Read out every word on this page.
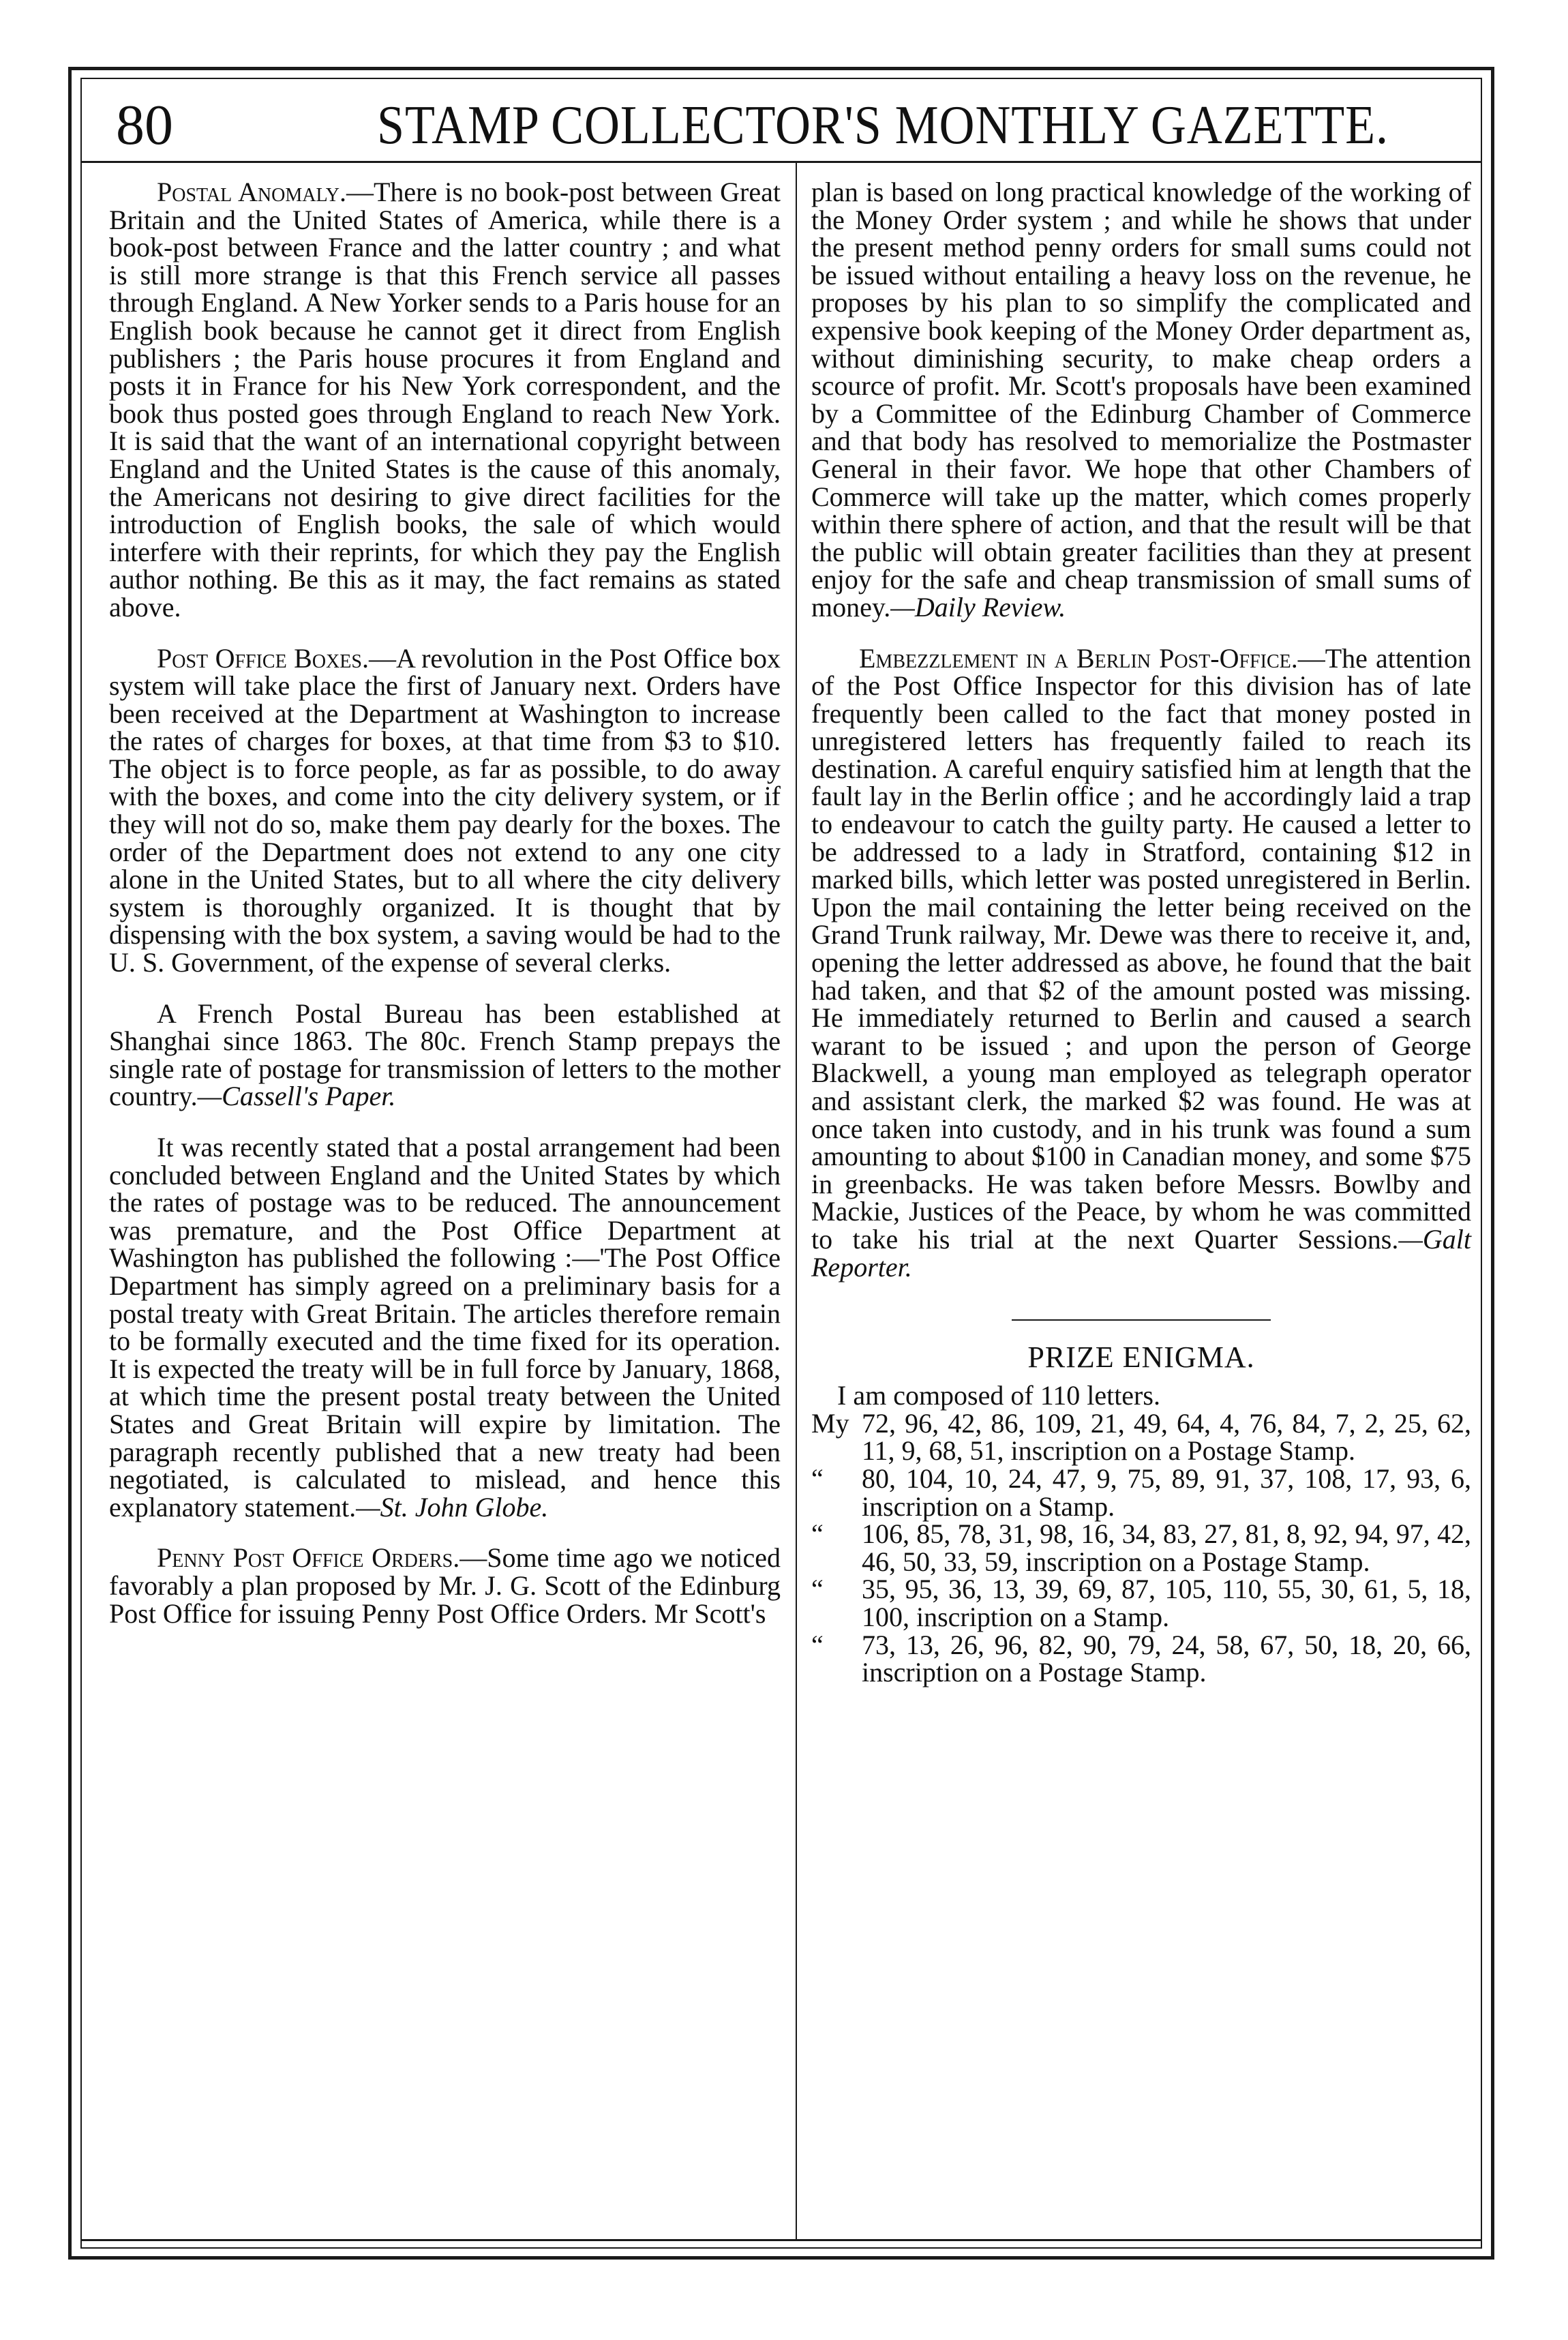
80	STAMP COLLECTOR'S MONTHLY GAZETTE.

Postal Anomaly.—There is no book-post between Great Britain and the United States of America, while there is a book-post between France and the latter country ; and what is still more strange is that this French service all passes through England. A New Yorker sends to a Paris house for an English book because he cannot get it direct from English publishers ; the Paris house procures it from England and posts it in France for his New York correspondent, and the book thus posted goes through England to reach New York. It is said that the want of an international copyright between England and the United States is the cause of this anomaly, the Americans not desiring to give direct facilities for the introduction of English books, the sale of which would interfere with their reprints, for which they pay the English author nothing. Be this as it may, the fact remains as stated above.

Post Office Boxes.—A revolution in the Post Office box system will take place the first of January next. Orders have been received at the Department at Washington to increase the rates of charges for boxes, at that time from $3 to $10. The object is to force people, as far as possible, to do away with the boxes, and come into the city delivery system, or if they will not do so, make them pay dearly for the boxes. The order of the Department does not extend to any one city alone in the United States, but to all where the city delivery system is thoroughly organized. It is thought that by dispensing with the box system, a saving would be had to the U. S. Government, of the expense of several clerks.

A French Postal Bureau has been established at Shanghai since 1863. The 80c. French Stamp prepays the single rate of postage for transmission of letters to the mother country.—Cassell's Paper.

It was recently stated that a postal arrangement had been concluded between England and the United States by which the rates of postage was to be reduced. The announcement was premature, and the Post Office Department at Washington has published the following :—'The Post Office Department has simply agreed on a preliminary basis for a postal treaty with Great Britain. The articles therefore remain to be formally executed and the time fixed for its operation. It is expected the treaty will be in full force by January, 1868, at which time the present postal treaty between the United States and Great Britain will expire by limitation. The paragraph recently published that a new treaty had been negotiated, is calculated to mislead, and hence this explanatory statement.—St. John Globe.

Penny Post Office Orders.—Some time ago we noticed favorably a plan proposed by Mr. J. G. Scott of the Edinburg Post Office for issuing Penny Post Office Orders. Mr Scott's

plan is based on long practical knowledge of the working of the Money Order system ; and while he shows that under the present method penny orders for small sums could not be issued without entailing a heavy loss on the revenue, he proposes by his plan to so simplify the complicated and expensive book keeping of the Money Order department as, without diminishing security, to make cheap orders a scource of profit. Mr. Scott's proposals have been examined by a Committee of the Edinburg Chamber of Commerce and that body has resolved to memorialize the Postmaster General in their favor. We hope that other Chambers of Commerce will take up the matter, which comes properly within there sphere of action, and that the result will be that the public will obtain greater facilities than they at present enjoy for the safe and cheap transmission of small sums of money.—Daily Review.

Embezzlement in a Berlin Post-Office.—The attention of the Post Office Inspector for this division has of late frequently been called to the fact that money posted in unregistered letters has frequently failed to reach its destination. A careful enquiry satisfied him at length that the fault lay in the Berlin office ; and he accordingly laid a trap to endeavour to catch the guilty party. He caused a letter to be addressed to a lady in Stratford, containing $12 in marked bills, which letter was posted unregistered in Berlin. Upon the mail containing the letter being received on the Grand Trunk railway, Mr. Dewe was there to receive it, and, opening the letter addressed as above, he found that the bait had taken, and that $2 of the amount posted was missing. He immediately returned to Berlin and caused a search warant to be issued ; and upon the person of George Blackwell, a young man employed as telegraph operator and assistant clerk, the marked $2 was found. He was at once taken into custody, and in his trunk was found a sum amounting to about $100 in Canadian money, and some $75 in greenbacks. He was taken before Messrs. Bowlby and Mackie, Justices of the Peace, by whom he was committed to take his trial at the next Quarter Sessions.—Galt Reporter.

PRIZE ENIGMA.

I am composed of 110 letters.

My 72, 96, 42, 86, 109, 21, 49, 64, 4, 76, 84, 7, 2, 25, 62, 11, 9, 68, 51, inscription on a Postage Stamp.
“	80, 104, 10, 24, 47, 9, 75, 89, 91, 37, 108, 17, 93, 6, inscription on a Stamp.
“	106, 85, 78, 31, 98, 16, 34, 83, 27, 81, 8, 92, 94, 97, 42, 46, 50, 33, 59, inscription on a Postage Stamp.
“	35, 95, 36, 13, 39, 69, 87, 105, 110, 55, 30, 61, 5, 18, 100, inscription on a Stamp.
“	73, 13, 26, 96, 82, 90, 79, 24, 58, 67, 50, 18, 20, 66, inscription on a Postage Stamp.
